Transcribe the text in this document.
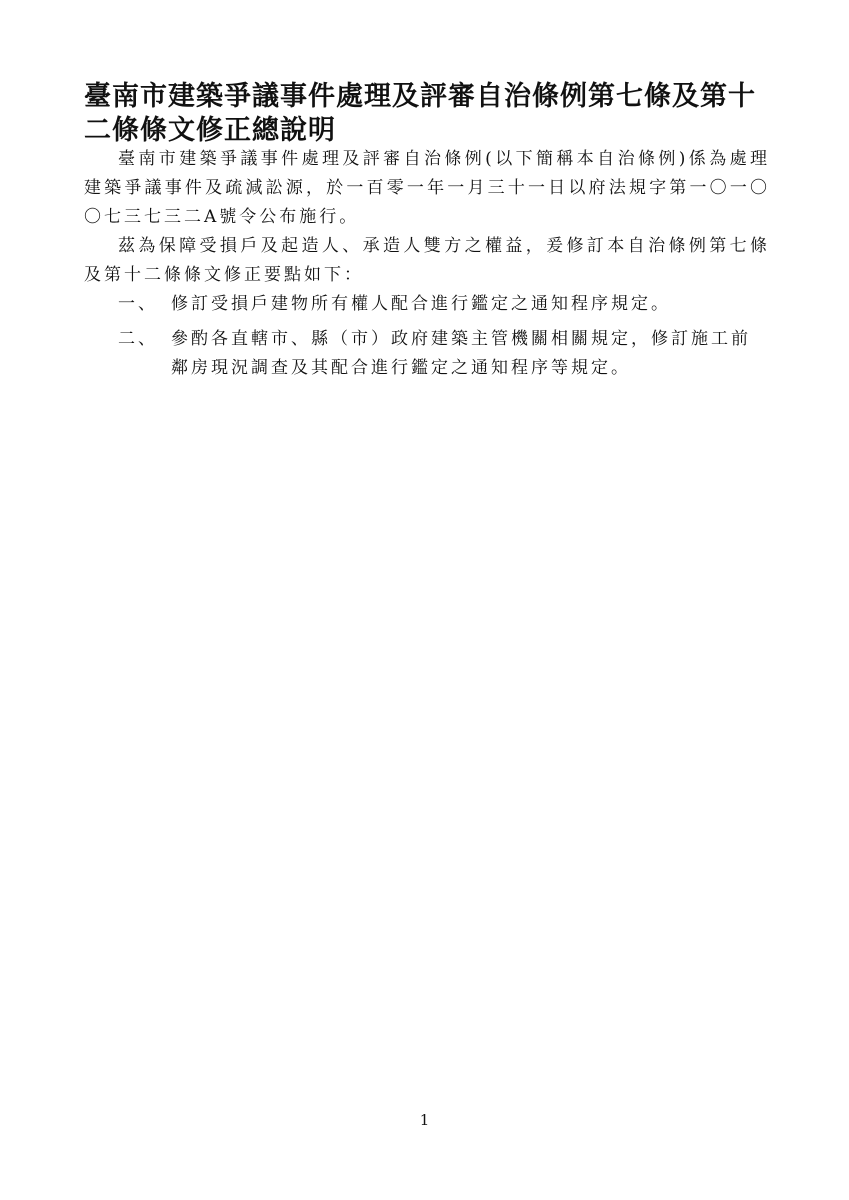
臺南市建築爭議事件處理及評審自治條例第七條及第十二條條文修正總說明

臺南市建築爭議事件處理及評審自治條例(以下簡稱本自治條例)係為處理建築爭議事件及疏減訟源，於一百零一年一月三十一日以府法規字第一〇一〇〇七三七三二A號令公布施行。

茲為保障受損戶及起造人、承造人雙方之權益，爰修訂本自治條例第七條及第十二條條文修正要點如下：

一、 修訂受損戶建物所有權人配合進行鑑定之通知程序規定。
二、 參酌各直轄市、縣（市）政府建築主管機關相關規定，修訂施工前鄰房現況調查及其配合進行鑑定之通知程序等規定。
1
